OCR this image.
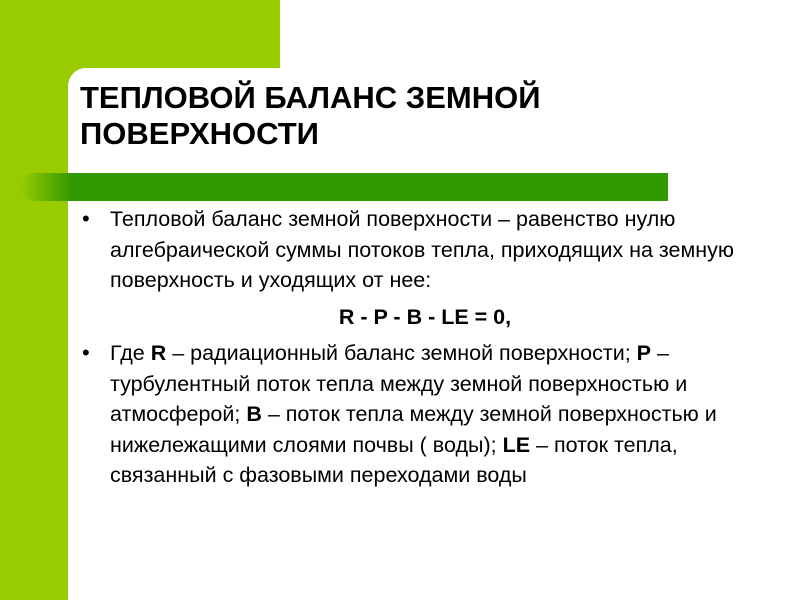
ТЕПЛОВОЙ БАЛАНС ЗЕМНОЙ
ПОВЕРХНОСТИ
• Тепловой баланс земной поверхности – равенство нулю алгебраической суммы потоков тепла, приходящих на земную поверхность и уходящих от нее:
R - P - B - LE = 0,
• Где R – радиационный баланс земной поверхности; P – турбулентный поток тепла между земной поверхностью и атмосферой; B – поток тепла между земной поверхностью и нижележащими слоями почвы ( воды); LE – поток тепла, связанный с фазовыми переходами воды
